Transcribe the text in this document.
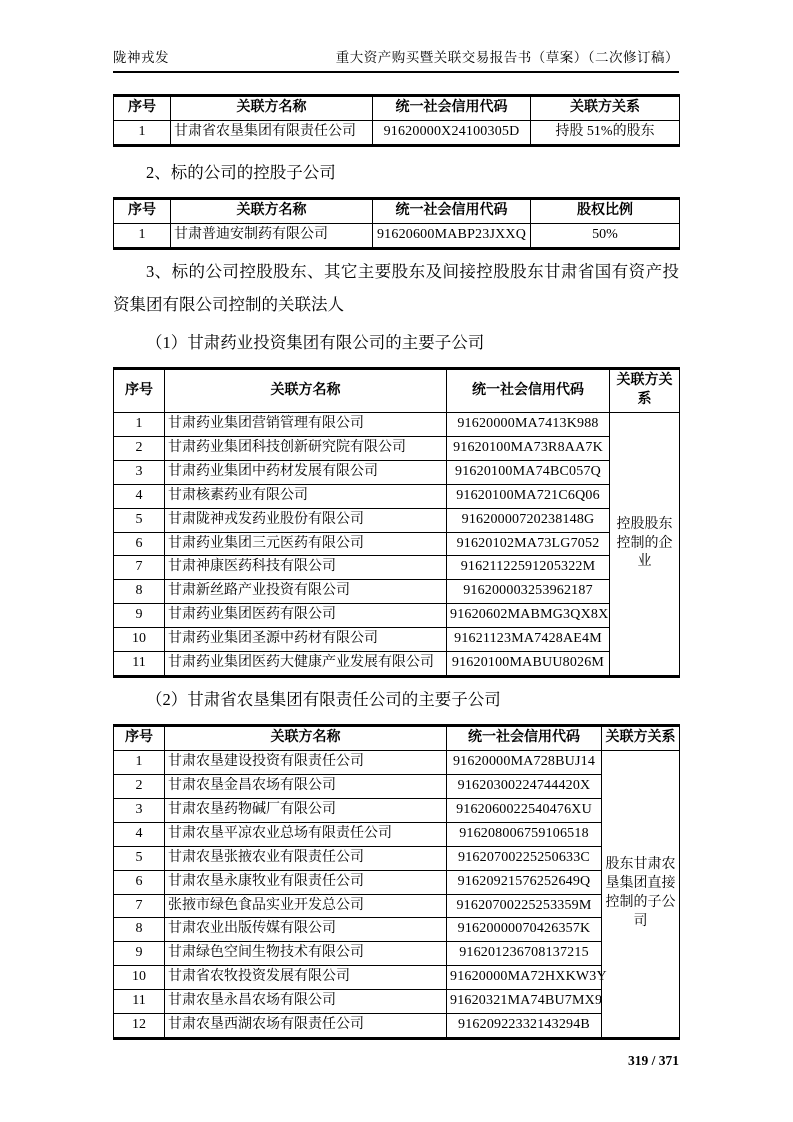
陇神戎发	重大资产购买暨关联交易报告书（草案）（二次修订稿）
序号	关联方名称	统一社会信用代码	关联方关系
1	甘肃省农垦集团有限责任公司	91620000X24100305D	持股 51%的股东
2、标的公司的控股子公司
序号	关联方名称	统一社会信用代码	股权比例
1	甘肃普迪安制药有限公司	91620600MABP23JXXQ	50%

3、标的公司控股股东、其它主要股东及间接控股股东甘肃省国有资产投资集团有限公司控制的关联法人

（1）甘肃药业投资集团有限公司的主要子公司

序号	关联方名称	统一社会信用代码	关联方关系
1	甘肃药业集团营销管理有限公司	91620000MA7413K988	控股股东控制的企业
2	甘肃药业集团科技创新研究院有限公司	91620100MA73R8AA7K	
3	甘肃药业集团中药材发展有限公司	91620100MA74BC057Q	
4	甘肃核素药业有限公司	91620100MA721C6Q06	
5	甘肃陇神戎发药业股份有限公司	91620000720238148G	
6	甘肃药业集团三元医药有限公司	91620102MA73LG7052	
7	甘肃神康医药科技有限公司	91621122591205322M	
8	甘肃新丝路产业投资有限公司	916200003253962187	
9	甘肃药业集团医药有限公司	91620602MABMG3QX8X	
10	甘肃药业集团圣源中药材有限公司	91621123MA7428AE4M	
11	甘肃药业集团医药大健康产业发展有限公司	91620100MABUU8026M	

（2）甘肃省农垦集团有限责任公司的主要子公司

序号	关联方名称	统一社会信用代码	关联方关系
1	甘肃农垦建设投资有限责任公司	91620000MA728BUJ14	股东甘肃农垦集团直接控制的子公司
2	甘肃农垦金昌农场有限公司	91620300224744420X	
3	甘肃农垦药物碱厂有限公司	9162060022540476XU	
4	甘肃农垦平凉农业总场有限责任公司	916208006759106518	
5	甘肃农垦张掖农业有限责任公司	91620700225250633C	
6	甘肃农垦永康牧业有限责任公司	91620921576252649Q	
7	张掖市绿色食品实业开发总公司	91620700225253359M	
8	甘肃农业出版传媒有限公司	91620000070426357K	
9	甘肃绿色空间生物技术有限公司	916201236708137215	
10	甘肃省农牧投资发展有限公司	91620000MA72HXKW3Y	
11	甘肃农垦永昌农场有限公司	91620321MA74BU7MX9	
12	甘肃农垦西湖农场有限责任公司	91620922332143294B	
319 / 371
